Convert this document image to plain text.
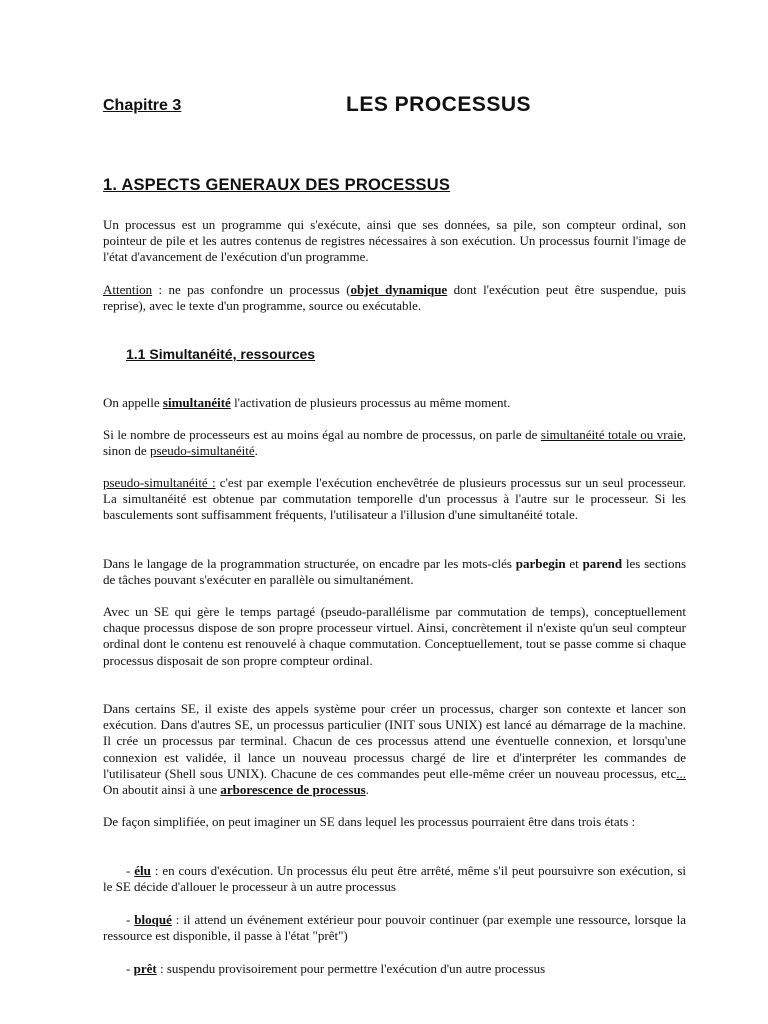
Chapitre 3	LES PROCESSUS
1. ASPECTS GENERAUX DES PROCESSUS

Un processus est un programme qui s'exécute, ainsi que ses données, sa pile, son compteur ordinal, son pointeur de pile et les autres contenus de registres nécessaires à son exécution. Un processus fournit l'image de l'état d'avancement de l'exécution d'un programme.

Attention : ne pas confondre un processus (objet dynamique dont l'exécution peut être suspendue, puis reprise), avec le texte d'un programme, source ou exécutable.

1.1 Simultanéité, ressources

On appelle simultanéité l'activation de plusieurs processus au même moment.

Si le nombre de processeurs est au moins égal au nombre de processus, on parle de simultanéité totale ou vraie, sinon de pseudo-simultanéité.

pseudo-simultanéité : c'est par exemple l'exécution enchevêtrée de plusieurs processus sur un seul processeur. La simultanéité est obtenue par commutation temporelle d'un processus à l'autre sur le processeur. Si les basculements sont suffisamment fréquents, l'utilisateur a l'illusion d'une simultanéité totale.

Dans le langage de la programmation structurée, on encadre par les mots-clés parbegin et parend les sections de tâches pouvant s'exécuter en parallèle ou simultanément.

Avec un SE qui gère le temps partagé (pseudo-parallélisme par commutation de temps), conceptuellement chaque processus dispose de son propre processeur virtuel. Ainsi, concrètement il n'existe qu'un seul compteur ordinal dont le contenu est renouvelé à chaque commutation. Conceptuellement, tout se passe comme si chaque processus disposait de son propre compteur ordinal.

Dans certains SE, il existe des appels système pour créer un processus, charger son contexte et lancer son exécution. Dans d'autres SE, un processus particulier (INIT sous UNIX) est lancé au démarrage de la machine. Il crée un processus par terminal. Chacun de ces processus attend une éventuelle connexion, et lorsqu'une connexion est validée, il lance un nouveau processus chargé de lire et d'interpréter les commandes de l'utilisateur (Shell sous UNIX). Chacune de ces commandes peut elle-même créer un nouveau processus, etc... On aboutit ainsi à une arborescence de processus.

De façon simplifiée, on peut imaginer un SE dans lequel les processus pourraient être dans trois états :

- élu : en cours d'exécution. Un processus élu peut être arrêté, même s'il peut poursuivre son exécution, si le SE décide d'allouer le processeur à un autre processus

- bloqué : il attend un événement extérieur pour pouvoir continuer (par exemple une ressource, lorsque la ressource est disponible, il passe à l'état "prêt")

- prêt : suspendu provisoirement pour permettre l'exécution d'un autre processus
